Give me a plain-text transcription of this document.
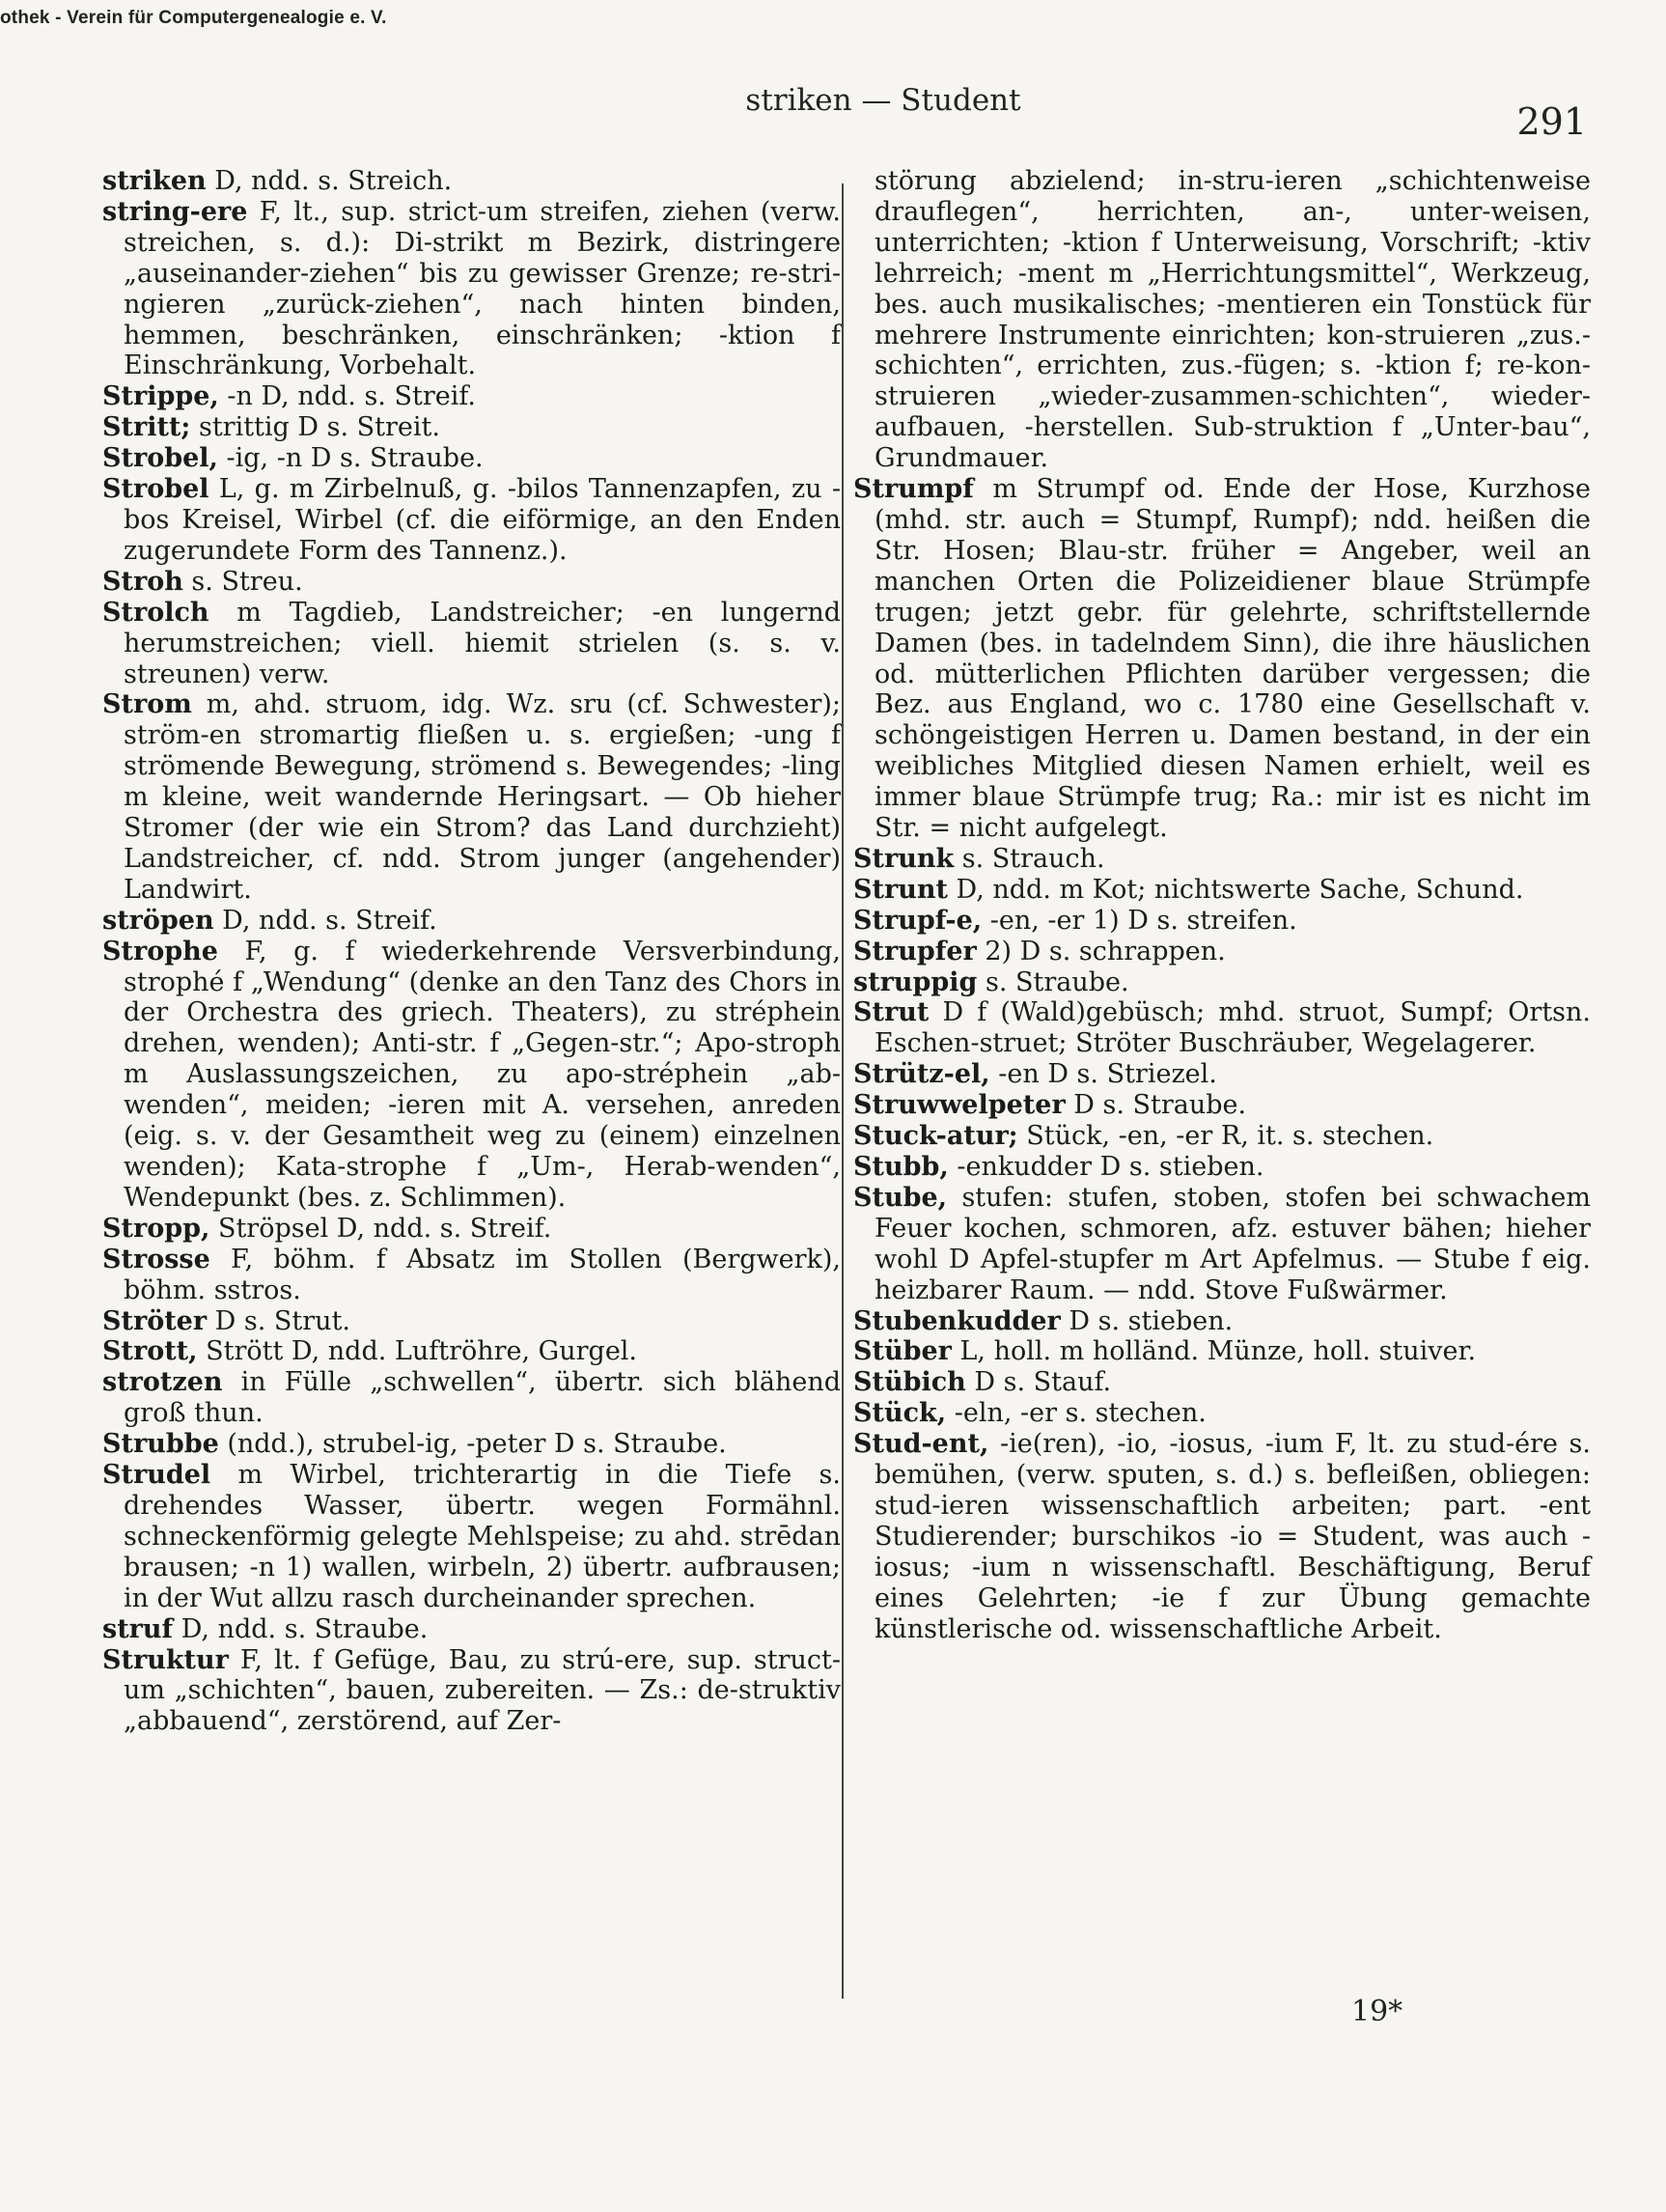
othek - Verein für Computergenealogie e. V.
striken — Student	291

striken D, ndd. s. Streich.

string-ere F, lt., sup. strict-um streifen, ziehen (verw. streichen, s. d.): Di-strikt m Bezirk, distringere „auseinander-ziehen“ bis zu gewisser Grenze; re-stri-ngieren „zurück-ziehen“, nach hinten binden, hemmen, beschränken, einschränken; -ktion f Einschränkung, Vorbehalt.

Strippe, -n D, ndd. s. Streif.

Stritt; strittig D s. Streit.

Strobel, -ig, -n D s. Straube.

Strobel L, g. m Zirbelnuß, g. -bilos Tannenzapfen, zu -bos Kreisel, Wirbel (cf. die eiförmige, an den Enden zugerundete Form des Tannenz.).

Stroh s. Streu.

Strolch m Tagdieb, Landstreicher; -en lungernd herumstreichen; viell. hiemit strielen (s. s. v. streunen) verw.

Strom m, ahd. struom, idg. Wz. sru (cf. Schwester); ström-en stromartig fließen u. s. ergießen; -ung f strömende Bewegung, strömend s. Bewegendes; -ling m kleine, weit wandernde Heringsart. — Ob hieher Stromer (der wie ein Strom? das Land durchzieht) Landstreicher, cf. ndd. Strom junger (angehender) Landwirt.

ströpen D, ndd. s. Streif.

Strophe F, g. f wiederkehrende Versverbindung, strophé f „Wendung“ (denke an den Tanz des Chors in der Orchestra des griech. Theaters), zu stréphein drehen, wenden); Anti-str. f „Gegen-str.“; Apo-stroph m Auslassungszeichen, zu apo-stréphein „ab-wenden“, meiden; -ieren mit A. versehen, anreden (eig. s. v. der Gesamtheit weg zu (einem) einzelnen wenden); Kata-strophe f „Um-, Herab-wenden“, Wendepunkt (bes. z. Schlimmen).

Stropp, Ströpsel D, ndd. s. Streif.

Strosse F, böhm. f Absatz im Stollen (Bergwerk), böhm. sstros.

Ströter D s. Strut.

Strott, Strött D, ndd. Luftröhre, Gurgel.

strotzen in Fülle „schwellen“, übertr. sich blähend groß thun.

Strubbe (ndd.), strubel-ig, -peter D s. Straube.

Strudel m Wirbel, trichterartig in die Tiefe s. drehendes Wasser, übertr. wegen Formähnl. schneckenförmig gelegte Mehlspeise; zu ahd. strēdan brausen; -n 1) wallen, wirbeln, 2) übertr. aufbrausen; in der Wut allzu rasch durcheinander sprechen.

struf D, ndd. s. Straube.

Struktur F, lt. f Gefüge, Bau, zu strú-ere, sup. struct-um „schichten“, bauen, zubereiten. — Zs.: de-struktiv „abbauend“, zerstörend, auf Zer-

störung abzielend; in-stru-ieren „schichtenweise drauflegen“, herrichten, an-, unter-weisen, unterrichten; -ktion f Unterweisung, Vorschrift; -ktiv lehrreich; -ment m „Herrichtungsmittel“, Werkzeug, bes. auch musikalisches; -mentieren ein Tonstück für mehrere Instrumente einrichten; kon-struieren „zus.-schichten“, errichten, zus.-fügen; s. -ktion f; re-kon-struieren „wieder-zusammen-schichten“, wieder-aufbauen, -herstellen. Sub-struktion f „Unter-bau“, Grundmauer.

Strumpf m Strumpf od. Ende der Hose, Kurzhose (mhd. str. auch = Stumpf, Rumpf); ndd. heißen die Str. Hosen; Blau-str. früher = Angeber, weil an manchen Orten die Polizeidiener blaue Strümpfe trugen; jetzt gebr. für gelehrte, schriftstellernde Damen (bes. in tadelndem Sinn), die ihre häuslichen od. mütterlichen Pflichten darüber vergessen; die Bez. aus England, wo c. 1780 eine Gesellschaft v. schöngeistigen Herren u. Damen bestand, in der ein weibliches Mitglied diesen Namen erhielt, weil es immer blaue Strümpfe trug; Ra.: mir ist es nicht im Str. = nicht aufgelegt.

Strunk s. Strauch.

Strunt D, ndd. m Kot; nichtswerte Sache, Schund.

Strupf-e, -en, -er 1) D s. streifen.

Strupfer 2) D s. schrappen.

struppig s. Straube.

Strut D f (Wald)gebüsch; mhd. struot, Sumpf; Ortsn. Eschen-struet; Ströter Buschräuber, Wegelagerer.

Strütz-el, -en D s. Striezel.

Struwwelpeter D s. Straube.

Stuck-atur; Stück, -en, -er R, it. s. stechen.

Stubb, -enkudder D s. stieben.

Stube, stufen: stufen, stoben, stofen bei schwachem Feuer kochen, schmoren, afz. estuver bähen; hieher wohl D Apfel-stupfer m Art Apfelmus. — Stube f eig. heizbarer Raum. — ndd. Stove Fußwärmer.

Stubenkudder D s. stieben.

Stüber L, holl. m holländ. Münze, holl. stuiver.

Stübich D s. Stauf.

Stück, -eln, -er s. stechen.

Stud-ent, -ie(ren), -io, -iosus, -ium F, lt. zu stud-ére s. bemühen, (verw. sputen, s. d.) s. befleißen, obliegen: stud-ieren wissenschaftlich arbeiten; part. -ent Studierender; burschikos -io = Student, was auch -iosus; -ium n wissenschaftl. Beschäftigung, Beruf eines Gelehrten; -ie f zur Übung gemachte künstlerische od. wissenschaftliche Arbeit.

19*
